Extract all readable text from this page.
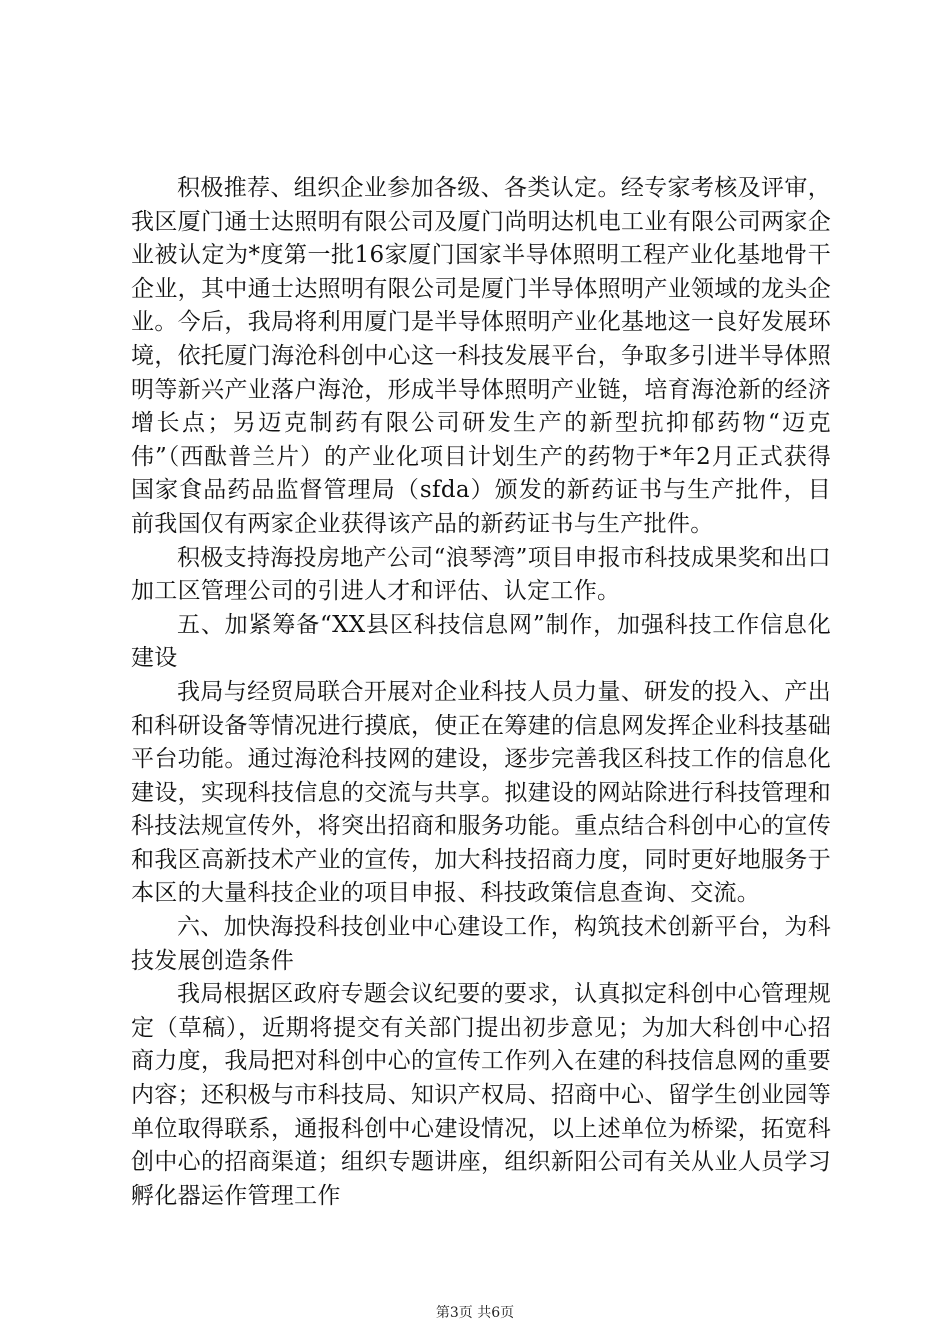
积极推荐、组织企业参加各级、各类认定。经专家考核及评审，我区厦门通士达照明有限公司及厦门尚明达机电工业有限公司两家企业被认定为*度第一批16家厦门国家半导体照明工程产业化基地骨干企业，其中通士达照明有限公司是厦门半导体照明产业领域的龙头企业。今后，我局将利用厦门是半导体照明产业化基地这一良好发展环境，依托厦门海沧科创中心这一科技发展平台，争取多引进半导体照明等新兴产业落户海沧，形成半导体照明产业链，培育海沧新的经济增长点；另迈克制药有限公司研发生产的新型抗抑郁药物“迈克伟”（西酞普兰片）的产业化项目计划生产的药物于*年2月正式获得国家食品药品监督管理局（sfda）颁发的新药证书与生产批件，目前我国仅有两家企业获得该产品的新药证书与生产批件。

积极支持海投房地产公司“浪琴湾”项目申报市科技成果奖和出口加工区管理公司的引进人才和评估、认定工作。

五、加紧筹备“XX县区科技信息网”制作，加强科技工作信息化建设

我局与经贸局联合开展对企业科技人员力量、研发的投入、产出和科研设备等情况进行摸底，使正在筹建的信息网发挥企业科技基础平台功能。通过海沧科技网的建设，逐步完善我区科技工作的信息化建设，实现科技信息的交流与共享。拟建设的网站除进行科技管理和科技法规宣传外，将突出招商和服务功能。重点结合科创中心的宣传和我区高新技术产业的宣传，加大科技招商力度，同时更好地服务于本区的大量科技企业的项目申报、科技政策信息查询、交流。

六、加快海投科技创业中心建设工作，构筑技术创新平台，为科技发展创造条件

我局根据区政府专题会议纪要的要求，认真拟定科创中心管理规定（草稿），近期将提交有关部门提出初步意见；为加大科创中心招商力度，我局把对科创中心的宣传工作列入在建的科技信息网的重要内容；还积极与市科技局、知识产权局、招商中心、留学生创业园等单位取得联系，通报科创中心建设情况，以上述单位为桥梁，拓宽科创中心的招商渠道；组织专题讲座，组织新阳公司有关从业人员学习孵化器运作管理工作

第3页 共6页
